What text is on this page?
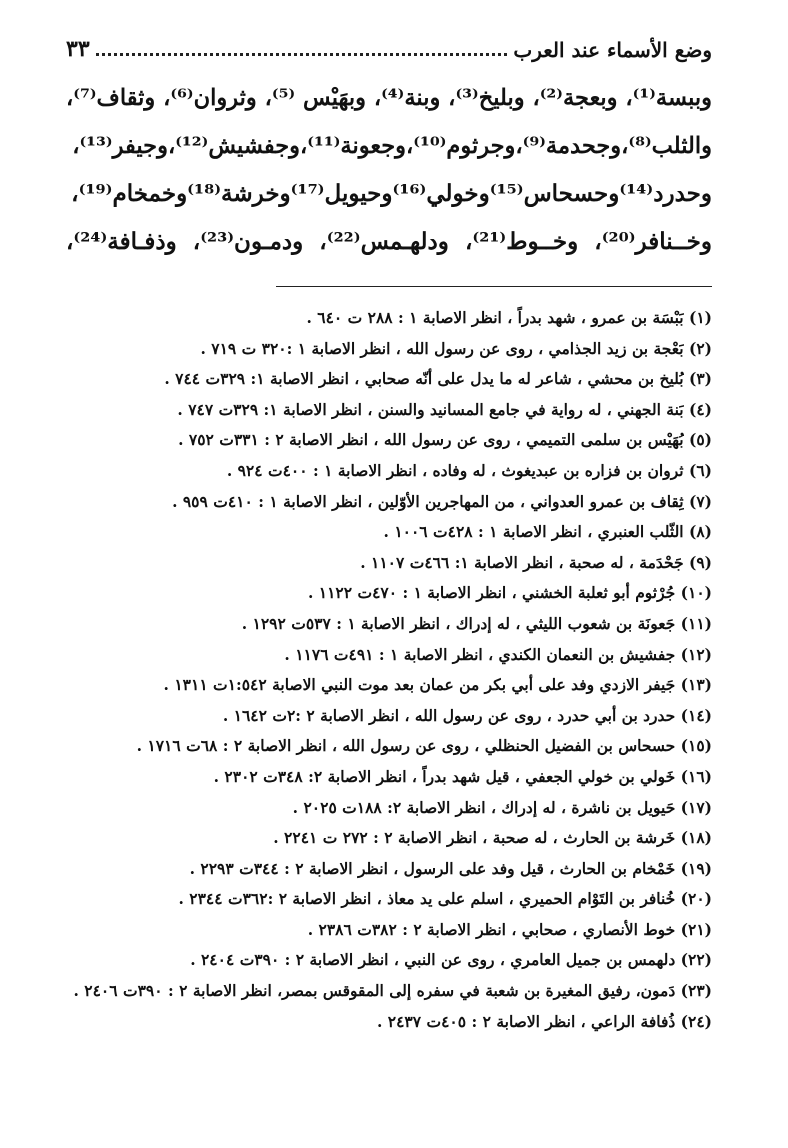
وضع الأسماء عند العرب
٣٣
وببسة⁽¹⁾، وبعجة⁽²⁾، وبليخ⁽³⁾، وبنة⁽⁴⁾، وبهَيْس ⁽⁵⁾، وثروان⁽⁶⁾، وثقاف⁽⁷⁾،
والثلب⁽⁸⁾،وجحدمة⁽⁹⁾،وجرثوم⁽¹⁰⁾،وجعونة⁽¹¹⁾،وجفشيش⁽¹²⁾،وجيفر⁽¹³⁾،
وحدرد⁽¹⁴⁾وحسحاس⁽¹⁵⁾وخولي⁽¹⁶⁾وحيويل⁽¹⁷⁾وخرشة⁽¹⁸⁾وخمخام⁽¹⁹⁾،
وخــنافر⁽²⁰⁾، وخــوط⁽²¹⁾، ودلهـمس⁽²²⁾، ودمـون⁽²³⁾، وذفـافة⁽²⁴⁾،
(١) بَبْسَة بن عمرو ، شهد بدراً ، انظر الاصابة ١ : ٢٨٨ ت ٦٤٠ .
(٢) بَعْجة بن زيد الجذامي ، روى عن رسول الله ، انظر الاصابة ١ :٣٢٠ ت ٧١٩ .
(٣) بُليخ بن محشي ، شاعر له ما يدل على أنّه صحابي ، انظر الاصابة ١: ٣٢٩ت ٧٤٤ .
(٤) بَنة الجهني ، له رواية في جامع المسانيد والسنن ، انظر الاصابة ١: ٣٢٩ت ٧٤٧ .
(٥) بُهَيْس بن سلمى التميمي ، روى عن رسول الله ، انظر الاصابة ٢ : ٣٣١ت ٧٥٢ .
(٦) ثروان بن فزاره بن عبديغوث ، له وفاده ، انظر الاصابة ١ : ٤٠٠ت ٩٢٤ .
(٧) ثِقاف بن عمرو العدواني ، من المهاجرين الأوّلين ، انظر الاصابة ١ : ٤١٠ت ٩٥٩ .
(٨) الثّلب العنبري ، انظر الاصابة ١ : ٤٢٨ت ١٠٠٦ .
(٩) جَحْدَمة ، له صحبة ، انظر الاصابة ١: ٤٦٦ت ١١٠٧ .
(١٠) جُرْثوم أبو ثعلبة الخشني ، انظر الاصابة ١ : ٤٧٠ت ١١٢٢ .
(١١) جَعونَة بن شعوب الليثي ، له إدراك ، انظر الاصابة ١ : ٥٣٧ت ١٢٩٢ .
(١٢) جفشيش بن النعمان الكندي ، انظر الاصابة ١ : ٤٩١ت ١١٧٦ .
(١٣) جَيفر الازدي وفد على أبي بكر من عمان بعد موت النبي الاصابة ١:٥٤٢ت ١٣١١ .
(١٤) حدرد بن أبي حدرد ، روى عن رسول الله ، انظر الاصابة ٢ :٢ت ١٦٤٢ .
(١٥) حسحاس بن الفضيل الحنظلي ، روى عن رسول الله ، انظر الاصابة ٢ : ٦٨ت ١٧١٦ .
(١٦) خَولي بن خولي الجعفي ، قيل شهد بدراً ، انظر الاصابة ٢: ٣٤٨ت ٢٣٠٢ .
(١٧) حَيويل بن ناشرة ، له إدراك ، انظر الاصابة ٢: ١٨٨ت ٢٠٢٥ .
(١٨) خَرشة بن الحارث ، له صحبة ، انظر الاصابة ٢ : ٢٧٢ ت ٢٢٤١ .
(١٩) خَمْخام بن الحارث ، قيل وفد على الرسول ، انظر الاصابة ٢ : ٣٤٤ت ٢٢٩٣ .
(٢٠) خُنافر بن التَوْام الحميري ، اسلم على يد معاذ ، انظر الاصابة ٢ :٣٦٢ت ٢٣٤٤ .
(٢١) خوط الأنصاري ، صحابي ، انظر الاصابة ٢ : ٣٨٢ت ٢٣٨٦ .
(٢٢) دلهمس بن جميل العامري ، روى عن النبي ، انظر الاصابة ٢ : ٣٩٠ت ٢٤٠٤ .
(٢٣) دَمون، رفيق المغيرة بن شعبة في سفره إلى المقوقس بمصر، انظر الاصابة ٢ : ٣٩٠ت ٢٤٠٦ .
(٢٤) ذُفافة الراعي ، انظر الاصابة ٢ : ٤٠٥ت ٢٤٣٧ .
